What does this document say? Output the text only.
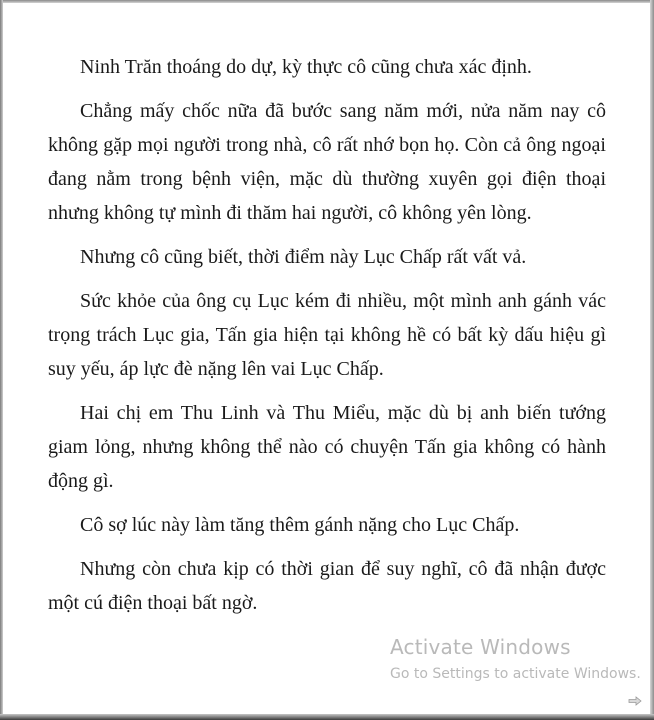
Ninh Trăn thoáng do dự, kỳ thực cô cũng chưa xác định.

Chẳng mấy chốc nữa đã bước sang năm mới, nửa năm nay cô không gặp mọi người trong nhà, cô rất nhớ bọn họ. Còn cả ông ngoại đang nằm trong bệnh viện, mặc dù thường xuyên gọi điện thoại nhưng không tự mình đi thăm hai người, cô không yên lòng.

Nhưng cô cũng biết, thời điểm này Lục Chấp rất vất vả.

Sức khỏe của ông cụ Lục kém đi nhiều, một mình anh gánh vác trọng trách Lục gia, Tấn gia hiện tại không hề có bất kỳ dấu hiệu gì suy yếu, áp lực đè nặng lên vai Lục Chấp.

Hai chị em Thu Linh và Thu Miểu, mặc dù bị anh biến tướng giam lỏng, nhưng không thể nào có chuyện Tấn gia không có hành động gì.

Cô sợ lúc này làm tăng thêm gánh nặng cho Lục Chấp.

Nhưng còn chưa kịp có thời gian để suy nghĩ, cô đã nhận được một cú điện thoại bất ngờ.

Activate Windows
Go to Settings to activate Windows.
